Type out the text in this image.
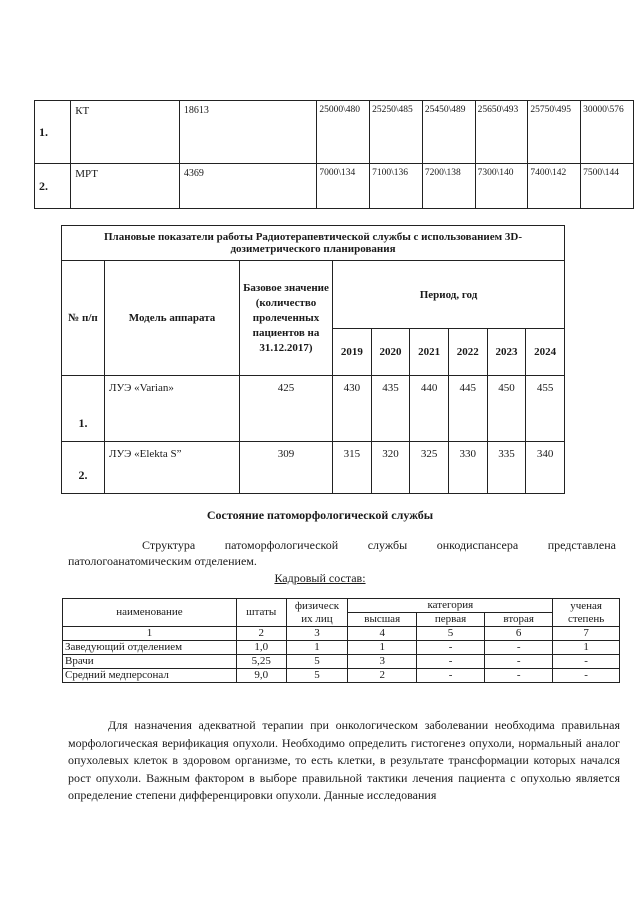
1.	КТ	18613	25000\480	25250\485	25450\489	25650\493	25750\495	30000\576
2.	МРТ	4369	7000\134	7100\136	7200\138	7300\140	7400\142	7500\144
Плановые показатели работы Радиотерапевтической службы с использованием 3D-дозиметрического планирования								
№ п/п	Модель аппарата	Базовое значение (количество пролеченных пациентов на 31.12.2017)	Период, год					
			2019	2020	2021	2022	2023	2024
1.	ЛУЭ «Varian»	425	430	435	440	445	450	455
2.	ЛУЭ «Elekta S”	309	315	320	325	330	335	340
Состояние патоморфологической службы
Структура патоморфологической службы онкодиспансера представлена
патологоанатомическим отделением.
Кадровый состав:
наименование	штаты	физическ их лиц	категория			ученая степень
			высшая	первая	вторая	
1	2	3	4	5	6	7
Заведующий отделением	1,0	1	1	-	-	1
Врачи	5,25	5	3	-	-	-
Средний медперсонал	9,0	5	2	-	-	-

Для назначения адекватной терапии при онкологическом заболевании необходима правильная морфологическая верификация опухоли. Необходимо определить гистогенез опухоли, нормальный аналог опухолевых клеток в здоровом организме, то есть клетки, в результате трансформации которых начался рост опухоли. Важным фактором в выборе правильной тактики лечения пациента с опухолью является определение степени дифференцировки опухоли. Данные исследования
